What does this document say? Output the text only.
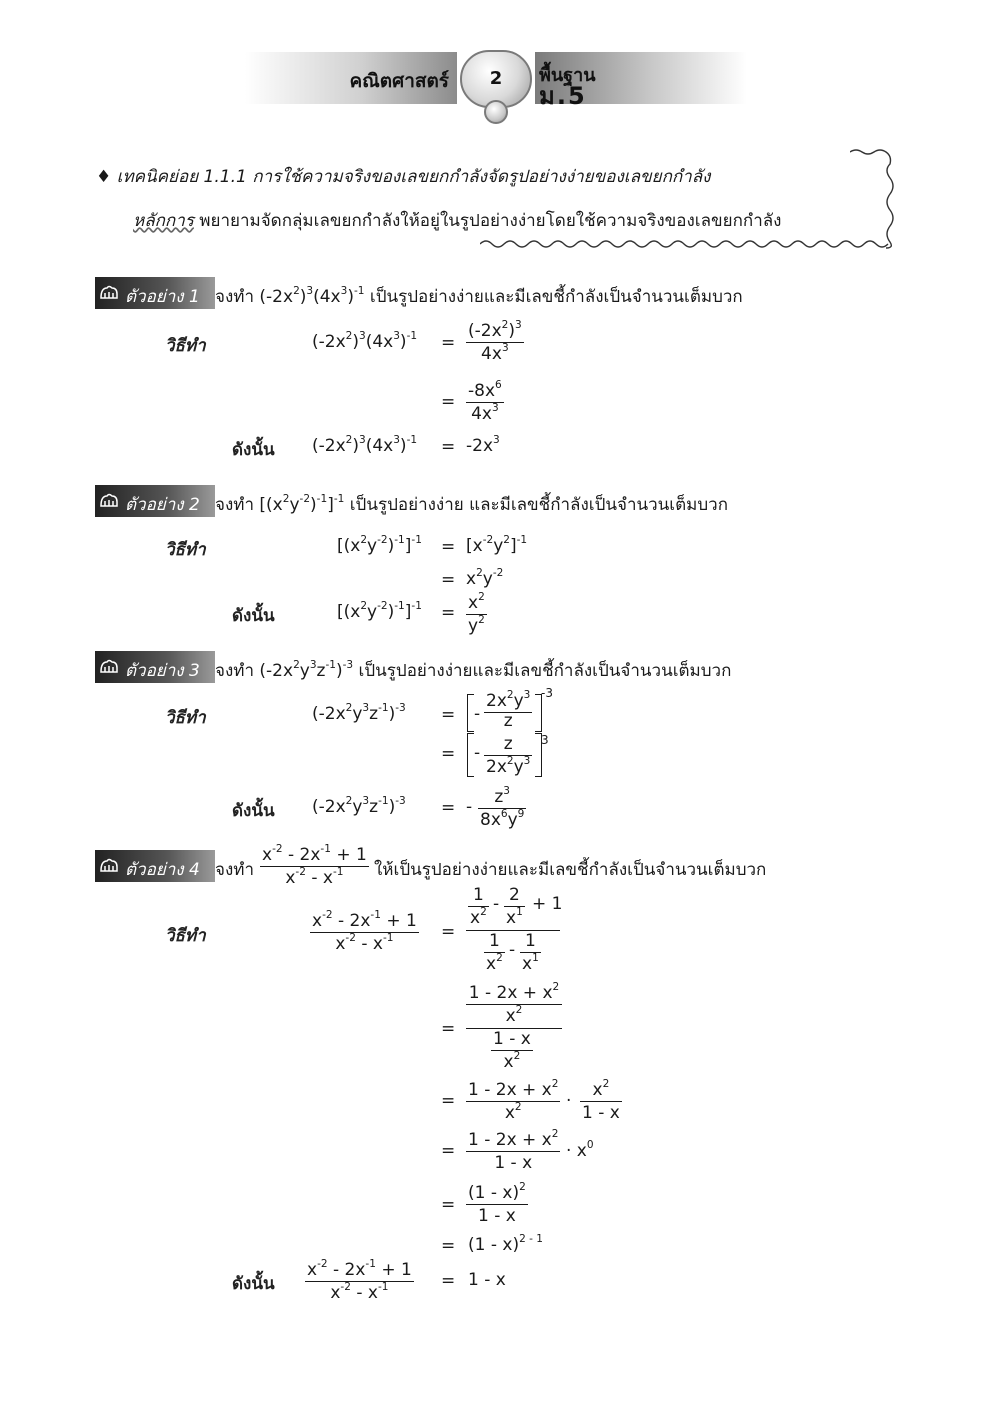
คณิตศาสตร์	2	พื้นฐาน
ม.5
♦ เทคนิคย่อย 1.1.1 การใช้ความจริงของเลขยกกำลังจัดรูปอย่างง่ายของเลขยกกำลัง
หลักการ พยายามจัดกลุ่มเลขยกกำลังให้อยู่ในรูปอย่างง่ายโดยใช้ความจริงของเลขยกกำลัง
ตัวอย่าง 1 จงทำ $(-2x^2)^3(4x^3)^{-1}$ เป็นรูปอย่างง่ายและมีเลขชี้กำลังเป็นจำนวนเต็มบวก
วิธีทำ	$(-2x^2)^3(4x^3)^{-1} = \frac{(-2x^2)^3}{4x^3}$
= $\frac{-8x^6}{4x^3}$
ดังนั้น $(-2x^2)^3(4x^3)^{-1} = -2x^3$
ตัวอย่าง 2 จงทำ $[(x^2y^{-2})^{-1}]^{-1}$ เป็นรูปอย่างง่าย และมีเลขชี้กำลังเป็นจำนวนเต็มบวก
วิธีทำ	$[(x^2y^{-2})^{-1}]^{-1} = [x^{-2}y^2]^{-1}$
= $x^2y^{-2}$
ดังนั้น	$[(x^2y^{-2})^{-1}]^{-1} = \frac{x^2}{y^2}$
ตัวอย่าง 3 จงทำ $(-2x^2y^3z^{-1})^{-3}$ เป็นรูปอย่างง่ายและมีเลขชี้กำลังเป็นจำนวนเต็มบวก
วิธีทำ	$(-2x^2y^3z^{-1})^{-3}$ = - $\frac{2x^2y^3}{z} -3$
= - $\frac{z}{2x^2y^3} 3$
ดังนั้น $(-2x^2y^3z^{-1})^{-3}$ = - $\frac{z^3}{8x^6y^9}$
ตัวอย่าง 4 จงทำ $\frac{x^{-2} - 2x^{-1} + 1}{x^{-2} - x^{-1}}$ ให้เป็นรูปอย่างง่ายและมีเลขชี้กำลังเป็นจำนวนเต็มบวก
วิธีทำ	$\frac{x^{-2} - 2x^{-1} + 1}{x^{-2} - x^{-1}}$ =
$\frac{1}{x^2} - \frac{2}{x^1} + 1$
$\frac{1}{x^2} - \frac{1}{x^1}$
=
$\frac{1 - 2x + x^2}{x^2}$
$\frac{1 - x}{x^2}$
= $\frac{1 - 2x + x^2}{x^2} \cdot \frac{x^2}{1 - x}$
= $\frac{1 - 2x + x^2}{1 - x} \cdot x^0$
= $\frac{(1 - x)^2}{1 - x}$
= (1 - x)$^{2 - 1}$
ดังนั้น $\frac{x^{-2} - 2x^{-1} + 1}{x^{-2} - x^{-1}} = 1 - x$
